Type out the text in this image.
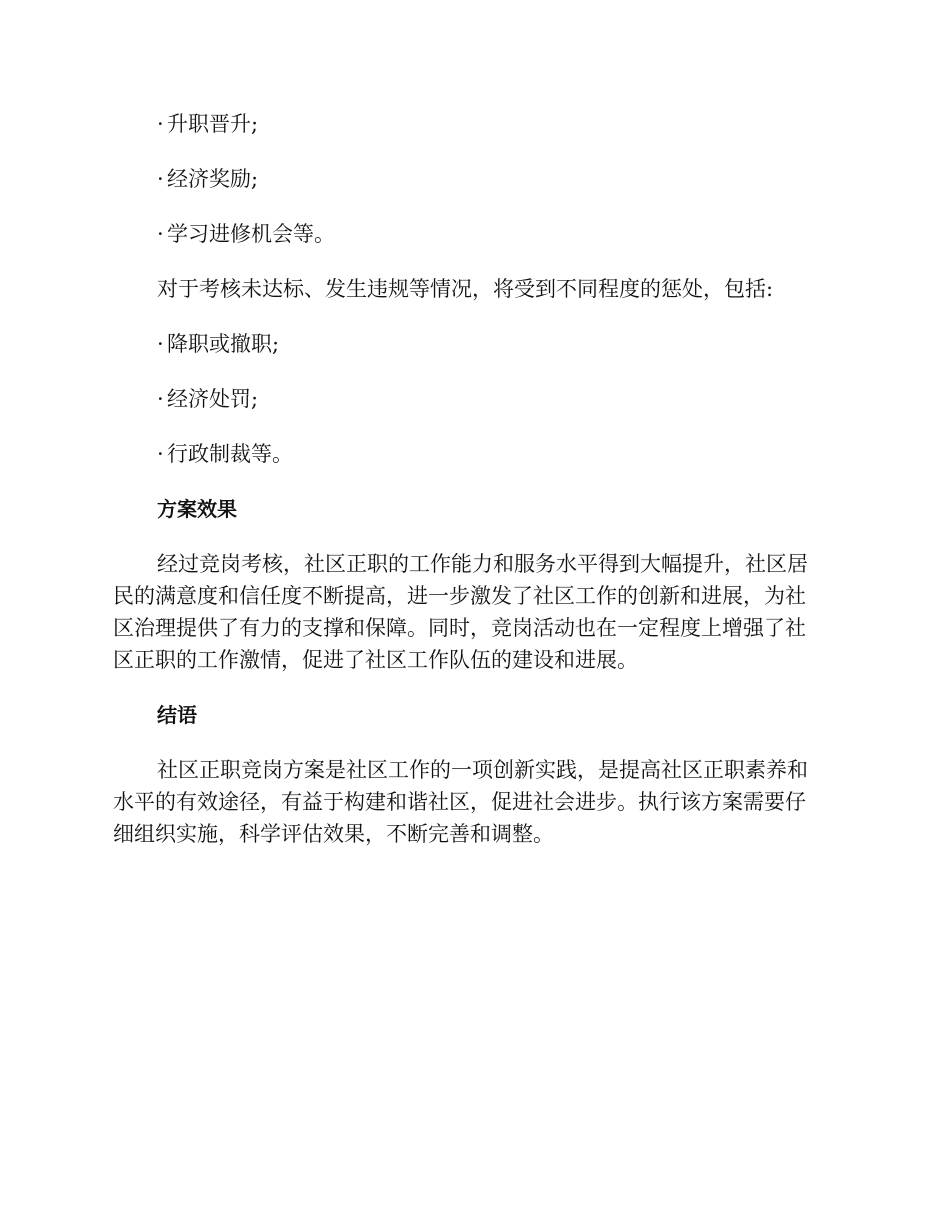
· 升职晋升;

· 经济奖励;

· 学习进修机会等。

对于考核未达标、发生违规等情况，将受到不同程度的惩处，包括:

· 降职或撤职;

· 经济处罚;

· 行政制裁等。

方案效果
经过竞岗考核，社区正职的工作能力和服务水平得到大幅提升，社区居
民的满意度和信任度不断提高，进一步激发了社区工作的创新和进展，为社
区治理提供了有力的支撑和保障。同时，竞岗活动也在一定程度上增强了社
区正职的工作激情，促进了社区工作队伍的建设和进展。
结语
社区正职竞岗方案是社区工作的一项创新实践，是提高社区正职素养和
水平的有效途径，有益于构建和谐社区，促进社会进步。执行该方案需要仔
细组织实施，科学评估效果，不断完善和调整。
